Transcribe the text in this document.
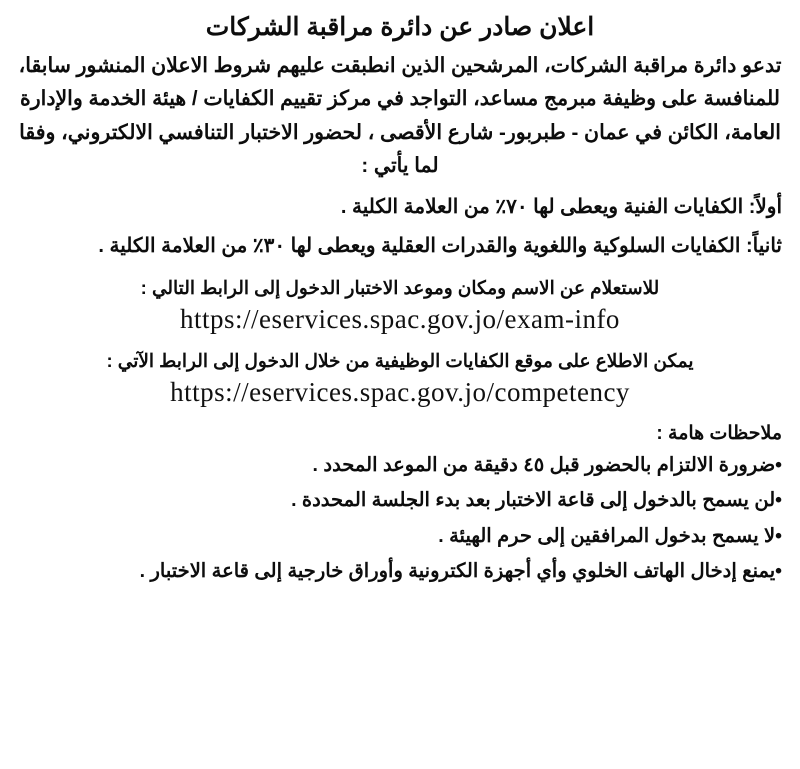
اعلان صادر عن دائرة مراقبة الشركات

تدعو دائرة مراقبة الشركات، المرشحين الذين انطبقت عليهم شروط الاعلان المنشور سابقا، للمنافسة على وظيفة مبرمج مساعد، التواجد في مركز تقييم الكفايات / هيئة الخدمة والإدارة العامة، الكائن في عمان - طبربور- شارع الأقصى ، لحضور الاختبار التنافسي الالكتروني، وفقا لما يأتي :

أولاً: الكفايات الفنية ويعطى لها ٧٠٪ من العلامة الكلية .

ثانياً: الكفايات السلوكية واللغوية والقدرات العقلية ويعطى لها ٣٠٪ من العلامة الكلية .

للاستعلام عن الاسم ومكان وموعد الاختبار الدخول إلى الرابط التالي :

https://eservices.spac.gov.jo/exam-info

يمكن الاطلاع على موقع الكفايات الوظيفية من خلال الدخول إلى الرابط الآتي :

https://eservices.spac.gov.jo/competency

ملاحظات هامة :

•ضرورة الالتزام بالحضور قبل ٤٥ دقيقة من الموعد المحدد .

•لن يسمح بالدخول إلى قاعة الاختبار بعد بدء الجلسة المحددة .

•لا يسمح بدخول المرافقين إلى حرم الهيئة .

•يمنع إدخال الهاتف الخلوي وأي أجهزة الكترونية وأوراق خارجية إلى قاعة الاختبار .
